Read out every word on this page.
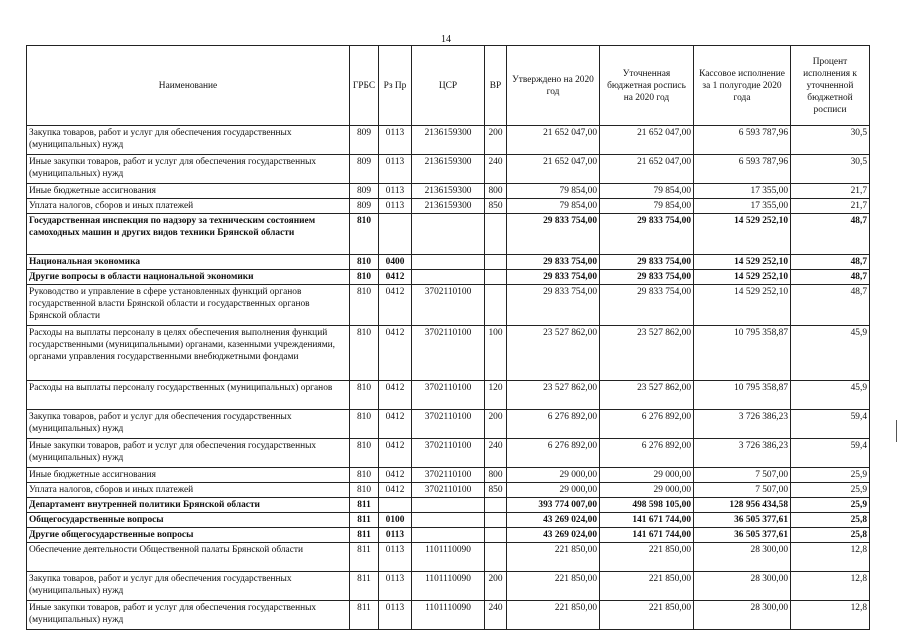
14
Наименование	ГРБС	Рз Пр	ЦСР	ВР	Утверждено на 2020 год	Уточненная бюджетная роспись на 2020 год	Кассовое исполнение за 1 полугодие 2020 года	Процент исполнения к уточненной бюджетной росписи
Закупка товаров, работ и услуг для обеспечения государственных (муниципальных) нужд	809	0113	2136159300	200	21 652 047,00	21 652 047,00	6 593 787,96	30,5
Иные закупки товаров, работ и услуг для обеспечения государственных (муниципальных) нужд	809	0113	2136159300	240	21 652 047,00	21 652 047,00	6 593 787,96	30,5
Иные бюджетные ассигнования	809	0113	2136159300	800	79 854,00	79 854,00	17 355,00	21,7
Уплата налогов, сборов и иных платежей	809	0113	2136159300	850	79 854,00	79 854,00	17 355,00	21,7
Государственная инспекция по надзору за техническим состоянием самоходных машин и других видов техники Брянской области	810				29 833 754,00	29 833 754,00	14 529 252,10	48,7
Национальная экономика	810	0400			29 833 754,00	29 833 754,00	14 529 252,10	48,7
Другие вопросы в области национальной экономики	810	0412			29 833 754,00	29 833 754,00	14 529 252,10	48,7
Руководство и управление в сфере установленных функций органов государственной власти Брянской области и государственных органов Брянской области	810	0412	3702110100		29 833 754,00	29 833 754,00	14 529 252,10	48,7
Расходы на выплаты персоналу в целях обеспечения выполнения функций государственными (муниципальными) органами, казенными учреждениями, органами управления государственными внебюджетными фондами	810	0412	3702110100	100	23 527 862,00	23 527 862,00	10 795 358,87	45,9
Расходы на выплаты персоналу государственных (муниципальных) органов	810	0412	3702110100	120	23 527 862,00	23 527 862,00	10 795 358,87	45,9
Закупка товаров, работ и услуг для обеспечения государственных (муниципальных) нужд	810	0412	3702110100	200	6 276 892,00	6 276 892,00	3 726 386,23	59,4
Иные закупки товаров, работ и услуг для обеспечения государственных (муниципальных) нужд	810	0412	3702110100	240	6 276 892,00	6 276 892,00	3 726 386,23	59,4
Иные бюджетные ассигнования	810	0412	3702110100	800	29 000,00	29 000,00	7 507,00	25,9
Уплата налогов, сборов и иных платежей	810	0412	3702110100	850	29 000,00	29 000,00	7 507,00	25,9
Департамент внутренней политики Брянской области	811				393 774 007,00	498 598 105,00	128 956 434,58	25,9
Общегосударственные вопросы	811	0100			43 269 024,00	141 671 744,00	36 505 377,61	25,8
Другие общегосударственные вопросы	811	0113			43 269 024,00	141 671 744,00	36 505 377,61	25,8
Обеспечение деятельности Общественной палаты Брянской области	811	0113	1101110090		221 850,00	221 850,00	28 300,00	12,8
Закупка товаров, работ и услуг для обеспечения государственных (муниципальных) нужд	811	0113	1101110090	200	221 850,00	221 850,00	28 300,00	12,8
Иные закупки товаров, работ и услуг для обеспечения государственных (муниципальных) нужд	811	0113	1101110090	240	221 850,00	221 850,00	28 300,00	12,8
